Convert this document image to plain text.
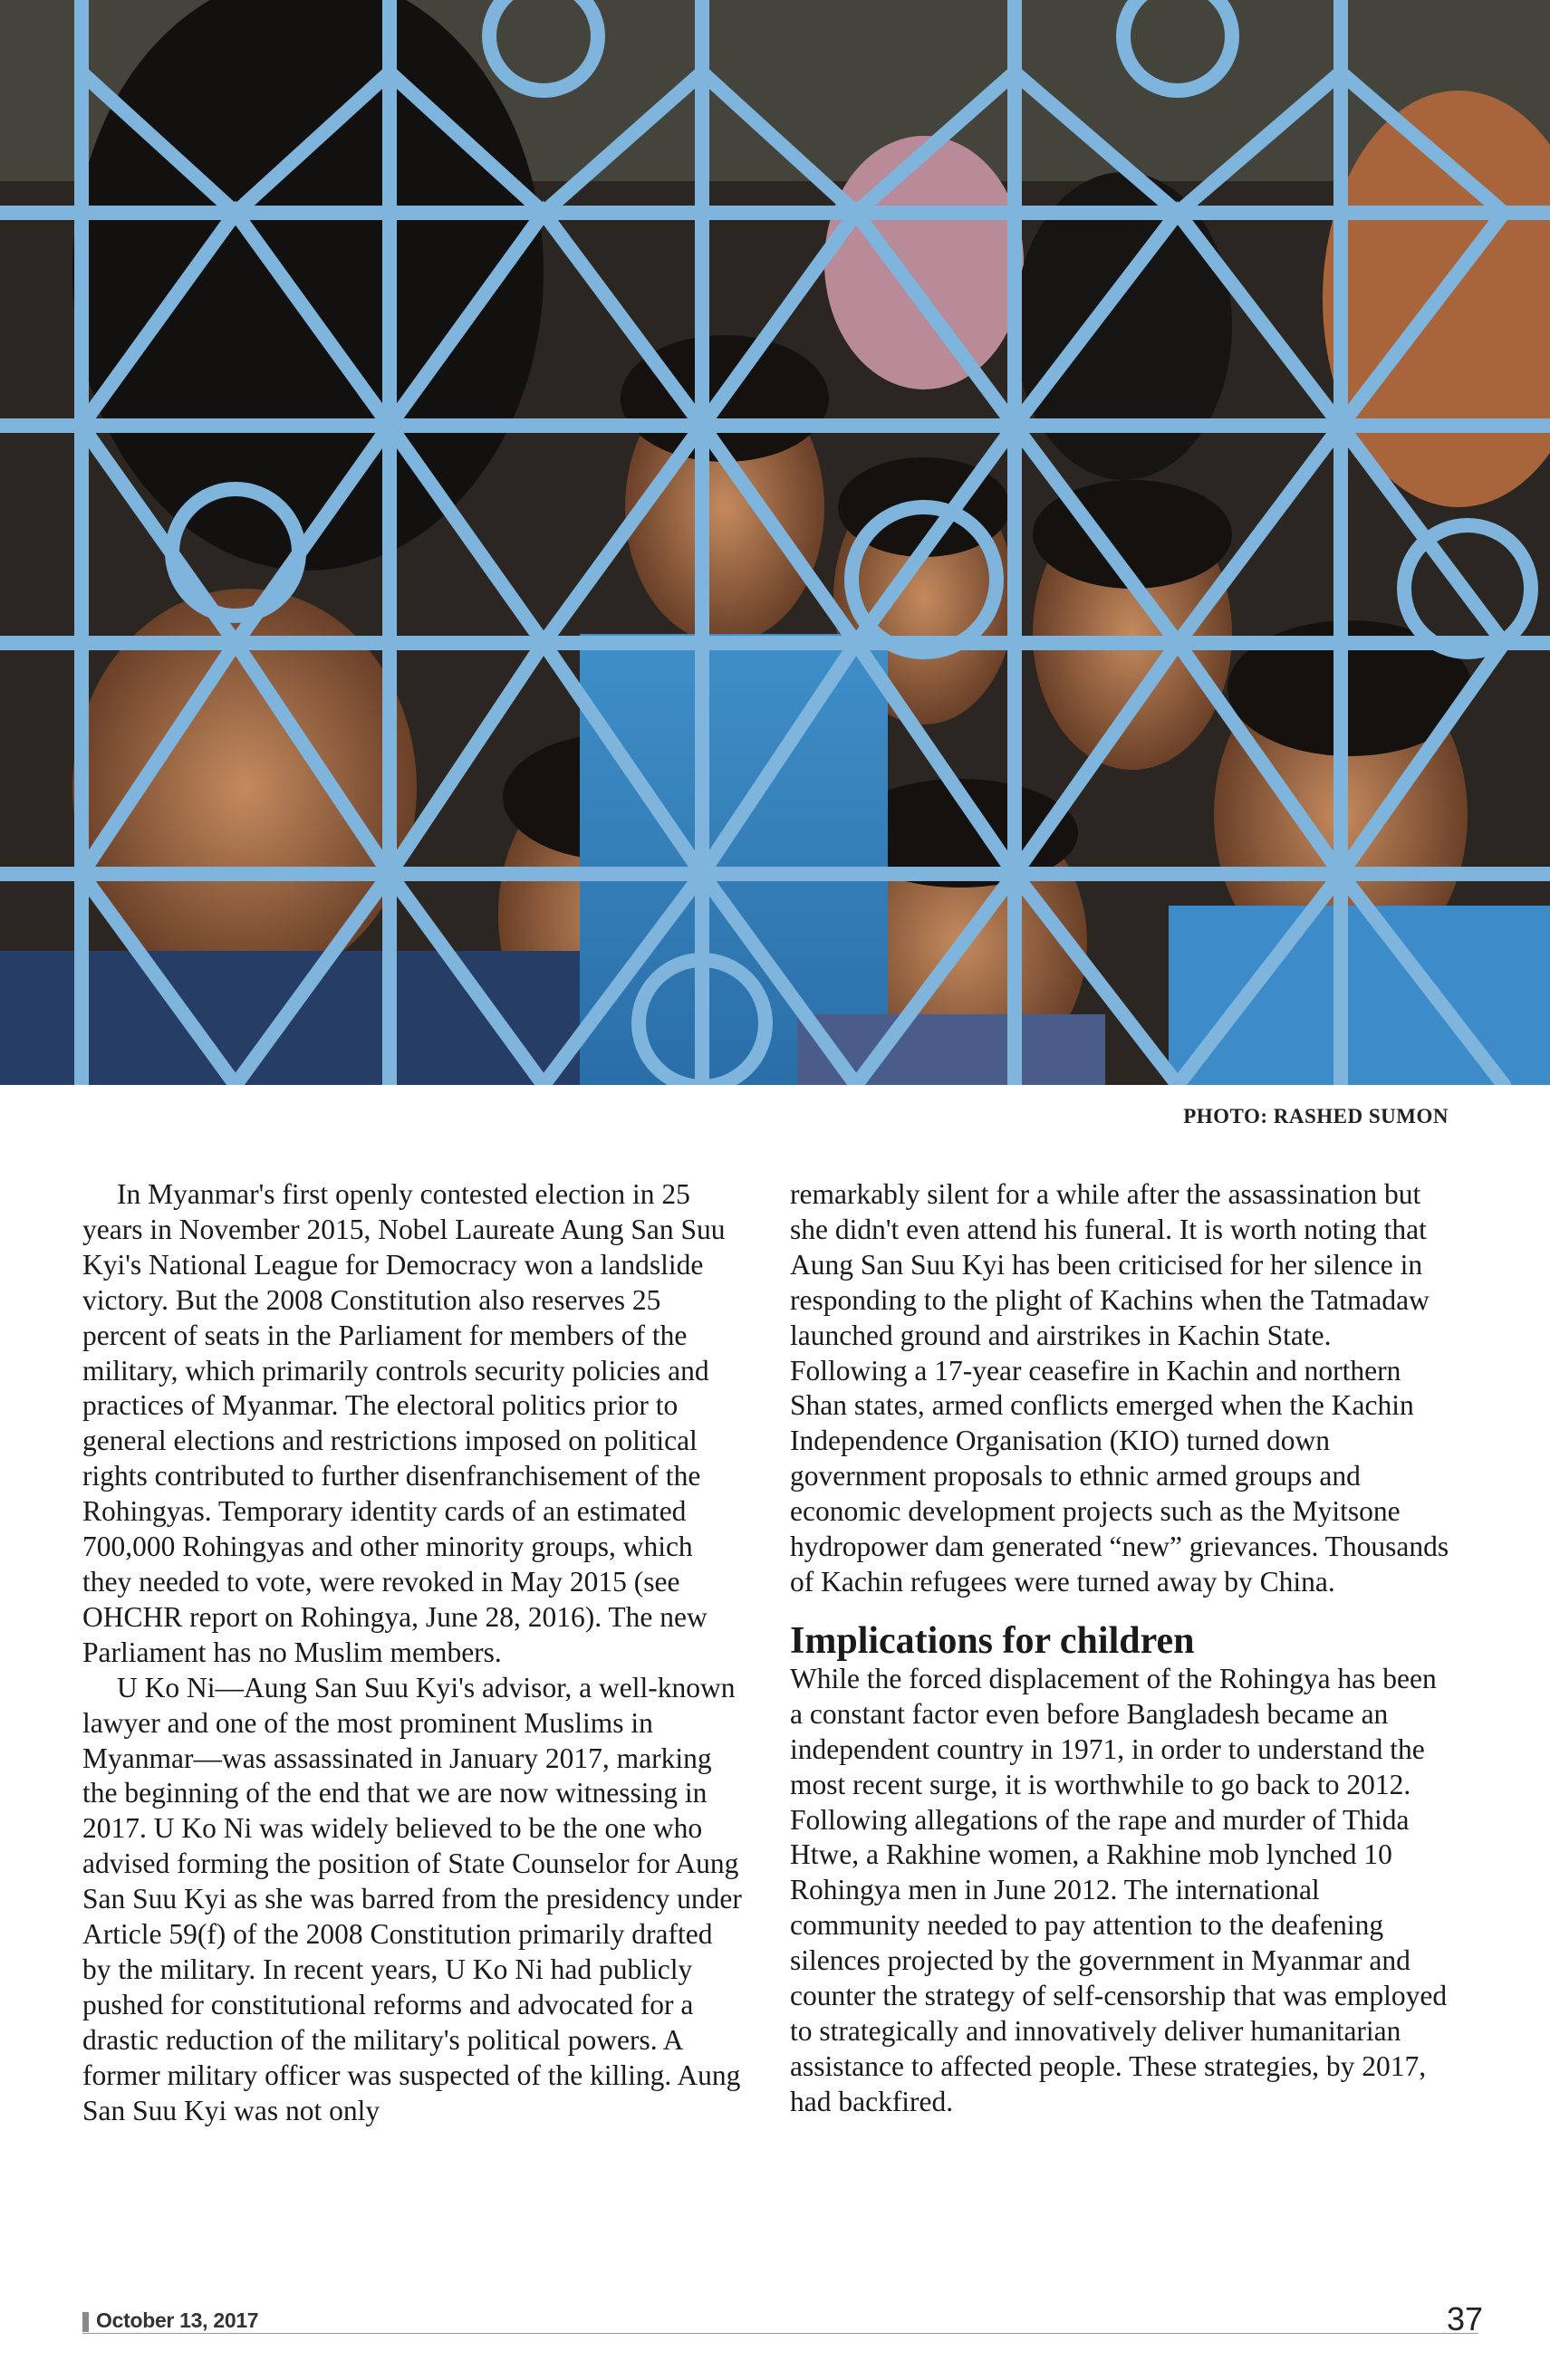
PHOTO: RASHED SUMON

In Myanmar's first openly contested election in 25 years in November 2015, Nobel Laureate Aung San Suu Kyi's National League for Democracy won a landslide victory. But the 2008 Constitution also reserves 25 percent of seats in the Parliament for members of the military, which primarily controls security policies and practices of Myanmar. The electoral politics prior to general elections and restrictions imposed on political rights contributed to further disenfranchisement of the Rohingyas. Temporary identity cards of an estimated 700,000 Rohingyas and other minority groups, which they needed to vote, were revoked in May 2015 (see OHCHR report on Rohingya, June 28, 2016). The new Parliament has no Muslim members.

U Ko Ni—Aung San Suu Kyi's advisor, a well-known lawyer and one of the most prominent Muslims in Myanmar—was assassinated in January 2017, marking the beginning of the end that we are now witnessing in 2017. U Ko Ni was widely believed to be the one who advised forming the position of State Counselor for Aung San Suu Kyi as she was barred from the presidency under Article 59(f) of the 2008 Constitution primarily drafted by the military. In recent years, U Ko Ni had publicly pushed for constitutional reforms and advocated for a drastic reduction of the military's political powers. A former military officer was suspected of the killing. Aung San Suu Kyi was not only

remarkably silent for a while after the assassination but she didn't even attend his funeral. It is worth noting that Aung San Suu Kyi has been criticised for her silence in responding to the plight of Kachins when the Tatmadaw launched ground and airstrikes in Kachin State. Following a 17-year ceasefire in Kachin and northern Shan states, armed conflicts emerged when the Kachin Independence Organisation (KIO) turned down government proposals to ethnic armed groups and economic development projects such as the Myitsone hydropower dam generated “new” grievances. Thousands of Kachin refugees were turned away by China.

Implications for children

While the forced displacement of the Rohingya has been a constant factor even before Bangladesh became an independent country in 1971, in order to understand the most recent surge, it is worthwhile to go back to 2012. Following allegations of the rape and murder of Thida Htwe, a Rakhine women, a Rakhine mob lynched 10 Rohingya men in June 2012. The international community needed to pay attention to the deafening silences projected by the government in Myanmar and counter the strategy of self-censorship that was employed to strategically and innovatively deliver humanitarian assistance to affected people. These strategies, by 2017, had backfired.

October 13, 2017	37
